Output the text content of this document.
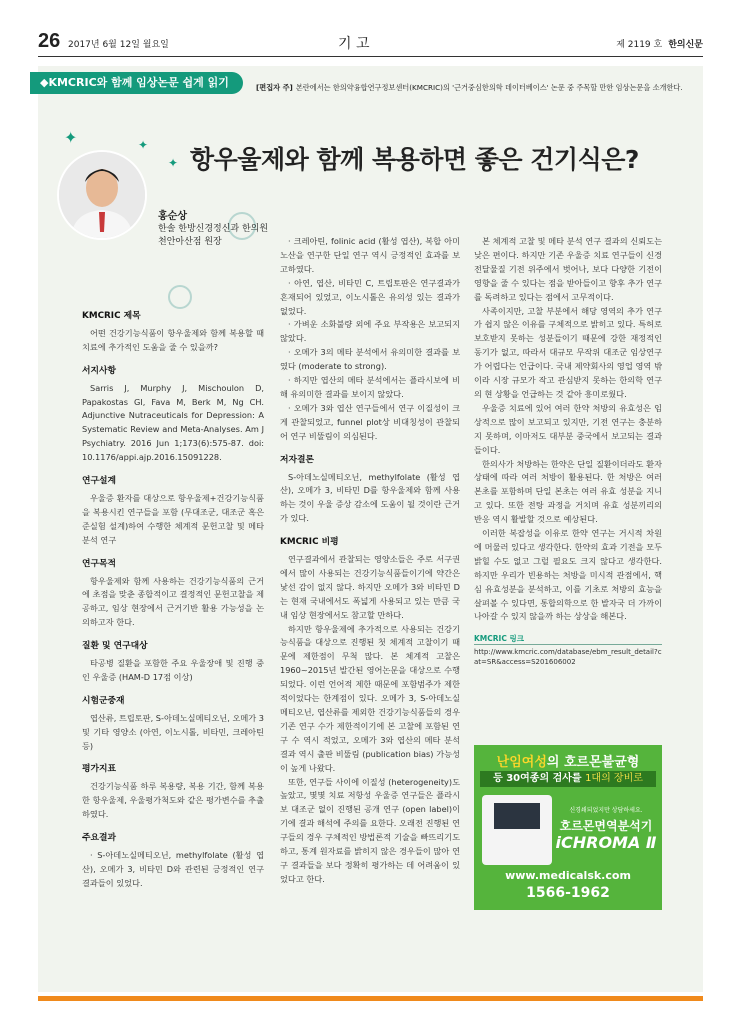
26 2017년 6월 12일 월요일	기 고	제 2119 호 한의신문
◆KMCRIC와 함께 임상논문 쉽게 읽기	[편집자 주] 본란에서는 한의약융합연구정보센터(KMCRIC)의 '근거중심한의학 데이터베이스' 논문 중 주목할 만한 임상논문을 소개한다.
✦	✦
✦ 항우울제와 함께 복용하면 좋은 건기식은?
홍순상
한솔 한방신경정신과 한의원
천안아산점 원장
KMCRIC 제목

어떤 건강기능식품이 항우울제와 함께 복용할 때 치료에 추가적인 도움을 줄 수 있을까?

서지사항

Sarris J, Murphy J, Mischoulon D, Papakostas GI, Fava M, Berk M, Ng CH. Adjunctive Nutraceuticals for Depression: A Systematic Review and Meta-Analyses. Am J Psychiatry. 2016 Jun 1;173(6):575-87. doi: 10.1176/appi.ajp.2016.15091228.

연구설계

우울증 환자를 대상으로 항우울제+건강기능식품을 복용시킨 연구들을 포함 (무대조군, 대조군 혹은 준실험 설계)하여 수행한 체계적 문헌고찰 및 메타 분석 연구

연구목적

항우울제와 함께 사용하는 건강기능식품의 근거에 초점을 맞춘 종합적이고 결정적인 문헌고찰을 제공하고, 임상 현장에서 근거기반 활용 가능성을 논의하고자 한다.

질환 및 연구대상

타공병 질환을 포함한 주요 우울장애 및 진행 중인 우울증 (HAM-D 17점 이상)

시험군중재

엽산류, 트립토판, S-아데노실메티오닌, 오메가 3 및 기타 영양소 (아연, 이노시톨, 비타민, 크레아틴 등)

평가지표

건강기능식품 하루 복용량, 복용 기간, 함께 복용한 항우울제, 우울평가척도와 같은 평가변수를 추출하였다.

주요결과

· S-아데노실메티오닌, methylfolate (활성 엽산), 오메가 3, 비타민 D와 관련된 긍정적인 연구 결과들이 있었다.

· 크레아틴, folinic acid (활성 엽산), 복합 아미노산을 연구한 단일 연구 역시 긍정적인 효과를 보고하였다.

· 아연, 엽산, 비타민 C, 트립토판은 연구결과가 혼재되어 있었고, 이노시톨은 유의성 있는 결과가 없었다.

· 가벼운 소화불량 외에 주요 부작용은 보고되지 않았다.

· 오메가 3의 메타 분석에서 유의미한 결과를 보였다 (moderate to strong).

· 하지만 엽산의 메타 분석에서는 플라시보에 비해 유의미한 결과를 보이지 않았다.

· 오메가 3와 엽산 연구들에서 연구 이질성이 크게 관찰되었고, funnel plot상 비대칭성이 관찰되어 연구 비뚤림이 의심된다.

저자결론

S-아데노실메티오닌, methylfolate (활성 엽산), 오메가 3, 비타민 D를 항우울제와 함께 사용하는 것이 우울 증상 감소에 도움이 될 것이란 근거가 있다.

KMCRIC 비평

연구결과에서 관찰되는 영양소들은 주로 서구권에서 많이 사용되는 건강기능식품들이기에 약간은 낯선 감이 없지 않다. 하지만 오메가 3와 비타민 D는 현재 국내에서도 폭넓게 사용되고 있는 만큼 국내 임상 현장에서도 참고할 만하다.

하지만 항우울제에 추가적으로 사용되는 건강기능식품을 대상으로 진행된 첫 체계적 고찰이기 때문에 제한점이 무척 많다. 본 체계적 고찰은 1960~2015년 발간된 영어논문을 대상으로 수행되었다. 이런 언어적 제한 때문에 포함범주가 제한적이었다는 한계점이 있다. 오메가 3, S-아데노실메티오닌, 엽산류를 제외한 건강기능식품들의 경우 기존 연구 수가 제한적이기에 본 고찰에 포함된 연구 수 역시 적었고, 오메가 3와 엽산의 메타 분석 결과 역시 출판 비뚤림 (publication bias) 가능성이 높게 나왔다.

또한, 연구들 사이에 이질성 (heterogeneity)도 높았고, 몇몇 치료 저항성 우울증 연구들은 플라시보 대조군 없이 진행된 공개 연구 (open label)이기에 결과 해석에 주의를 요한다. 오래전 진행된 연구들의 경우 구체적인 방법론적 기술을 빠뜨리기도 하고, 통계 원자료를 밝히지 않은 경우들이 많아 연구 결과들을 보다 정확히 평가하는 데 어려움이 있었다고 한다.

본 체계적 고찰 및 메타 분석 연구 결과의 신뢰도는 낮은 편이다. 하지만 기존 우울증 치료 연구들이 신경전달물질 기전 위주에서 벗어나, 보다 다양한 기전이 영향을 줄 수 있다는 점을 받아들이고 향후 추가 연구를 독려하고 있다는 점에서 고무적이다.

사족이지만, 고찰 부분에서 해당 영역의 추가 연구가 쉽지 않은 이유를 구체적으로 밝히고 있다. 특허로 보호받지 못하는 성분들이기 때문에 강한 재정적인 동기가 없고, 따라서 대규모 무작위 대조군 임상연구가 어렵다는 언급이다. 국내 제약회사의 영업 영역 밖이라 시장 규모가 작고 관심받지 못하는 한의학 연구의 현 상황을 언급하는 것 같아 흥미로웠다.

우울증 치료에 있어 여러 한약 처방의 유효성은 임상적으로 많이 보고되고 있지만, 기전 연구는 충분하지 못하며, 이마저도 대부분 중국에서 보고되는 결과들이다.

한의사가 처방하는 한약은 단일 질환이더라도 환자 상태에 따라 여러 처방이 활용된다. 한 처방은 여러 본초를 포함하며 단일 본초는 여러 유효 성분을 지니고 있다. 또한 전탕 과정을 거치며 유효 성분끼리의 반응 역시 활발할 것으로 예상된다.

이러한 복잡성을 이유로 한약 연구는 거시적 차원에 머물러 있다고 생각한다. 한약의 효과 기전을 모두 밝힐 수도 없고 그럴 필요도 크지 않다고 생각한다. 하지만 우리가 빈용하는 처방을 미시적 관점에서, 핵심 유효성분을 분석하고, 이를 기초로 처방의 효능을 살펴볼 수 있다면, 통합의학으로 한 발자국 더 가까이 나아갈 수 있지 않을까 하는 상상을 해본다.

KMCRIC 링크
http://www.kmcric.com/database/ebm_result_detail?cat=SR&access=S201606002
난임여성의 호르몬불균형
등 30여종의 검사를 1대의 장비로
신경쇄되었지만 상담하세요.
호르몬면역분석기
iCHROMA Ⅱ
www.medicalsk.com
1566-1962
